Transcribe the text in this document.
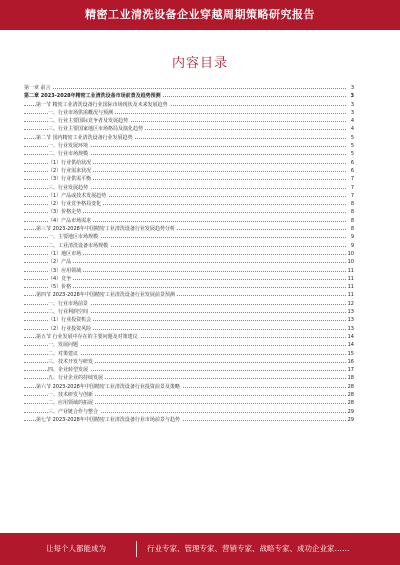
精密工业清洗设备企业穿越周期策略研究报告
内容目录
第一章 前言	3
第二章 2023-2028年精密工业清洗设备市场前景及趋势预测	3
第一节 精密工业清洗设备行业国际市场现状及未来发展趋势	3
一、行业市场供需概况与预测	3
二、行业主要国际竞争者及发展趋势	4
三、行业主要国家地区市场格局及演化趋势	4
第二节 国内精密工业清洗设备行业发展趋势	5
一、行业发展环境	5
二、行业市场规模	5
（1）行业供给状况	6
（2）行业需求状况	6
（3）行业供需平衡	7
三、行业发展趋势	7
（1）产品或技术发展趋势	7
（2）行业竞争格局变化	8
（3）价格走势	8
（4）产品市场需求	8
第三节 2023-2028年中国精密工业清洗设备行业发展趋势分析	8
一、主要地区市场规模	9
二、工业清洗设备市场规模	9
（1）地区市场	10
（2）产品	10
（3）应用领域	11
（4）竞争	11
（5）价格	11
第四节 2023-2028年中国精密工业清洗设备行业发展前景预测	11
一、行业市场前景	12
二、行业利润空间	13
（1）行业投资机会	13
（2）行业投资风险	13
第五节 行业发展中存在的主要问题及对策建议	14
一、发展问题	14
二、对策建议	15
三、技术开发与研发	16
四、企业转型发展	17
五、行业企业的持续发展	18
第六节 2023-2028年中国精密工业清洗设备行业投资前景及策略	28
一、技术研发与创新	28
二、应用领域的拓展	28
三、产业链合作与整合	29
第七节 2023-2028年中国精密工业清洗设备行业市场前景与趋势	29
让每个人都能成为	行业专家、管理专家、营销专家、战略专家、成功企业家……
